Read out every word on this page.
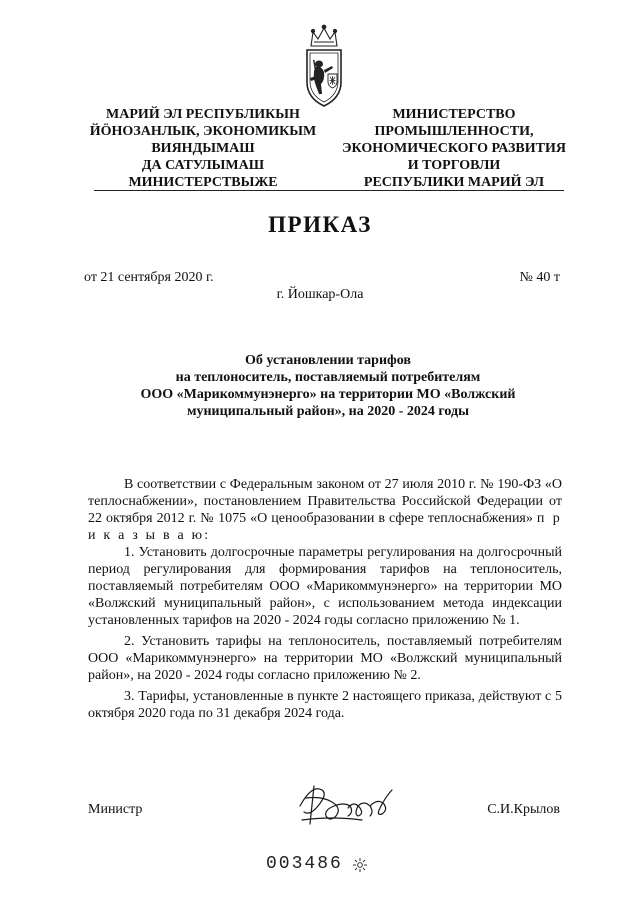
МАРИЙ ЭЛ РЕСПУБЛИКЫН
ЙÖНОЗАНЛЫК, ЭКОНОМИКЫМ
ВИЯНДЫМАШ
ДА САТУЛЫМАШ
МИНИСТЕРСТВЫЖЕ
МИНИСТЕРСТВО
ПРОМЫШЛЕННОСТИ,
ЭКОНОМИЧЕСКОГО РАЗВИТИЯ
И ТОРГОВЛИ
РЕСПУБЛИКИ МАРИЙ ЭЛ
ПРИКАЗ
от 21 сентября 2020 г.	№ 40 т
г. Йошкар-Ола
Об установлении тарифов
на теплоноситель, поставляемый потребителям
ООО «Марикоммунэнерго» на территории МО «Волжский
муниципальный район», на 2020 - 2024 годы

В соответствии с Федеральным законом от 27 июля 2010 г. № 190-ФЗ «О теплоснабжении», постановлением Правительства Российской Федерации от 22 октября 2012 г. № 1075 «О ценообразовании в сфере теплоснабжения» п р и к а з ы в а ю:

1. Установить долгосрочные параметры регулирования на долгосрочный период регулирования для формирования тарифов на теплоноситель, поставляемый потребителям ООО «Марикоммунэнерго» на территории МО «Волжский муниципальный район», с использованием метода индексации установленных тарифов на 2020 - 2024 годы согласно приложению № 1.

2. Установить тарифы на теплоноситель, поставляемый потребителям ООО «Марикоммунэнерго» на территории МО «Волжский муниципальный район», на 2020 - 2024 годы согласно приложению № 2.

3. Тарифы, установленные в пункте 2 настоящего приказа, действуют с 5 октября 2020 года по 31 декабря 2024 года.

Министр	С.И.Крылов
003486
